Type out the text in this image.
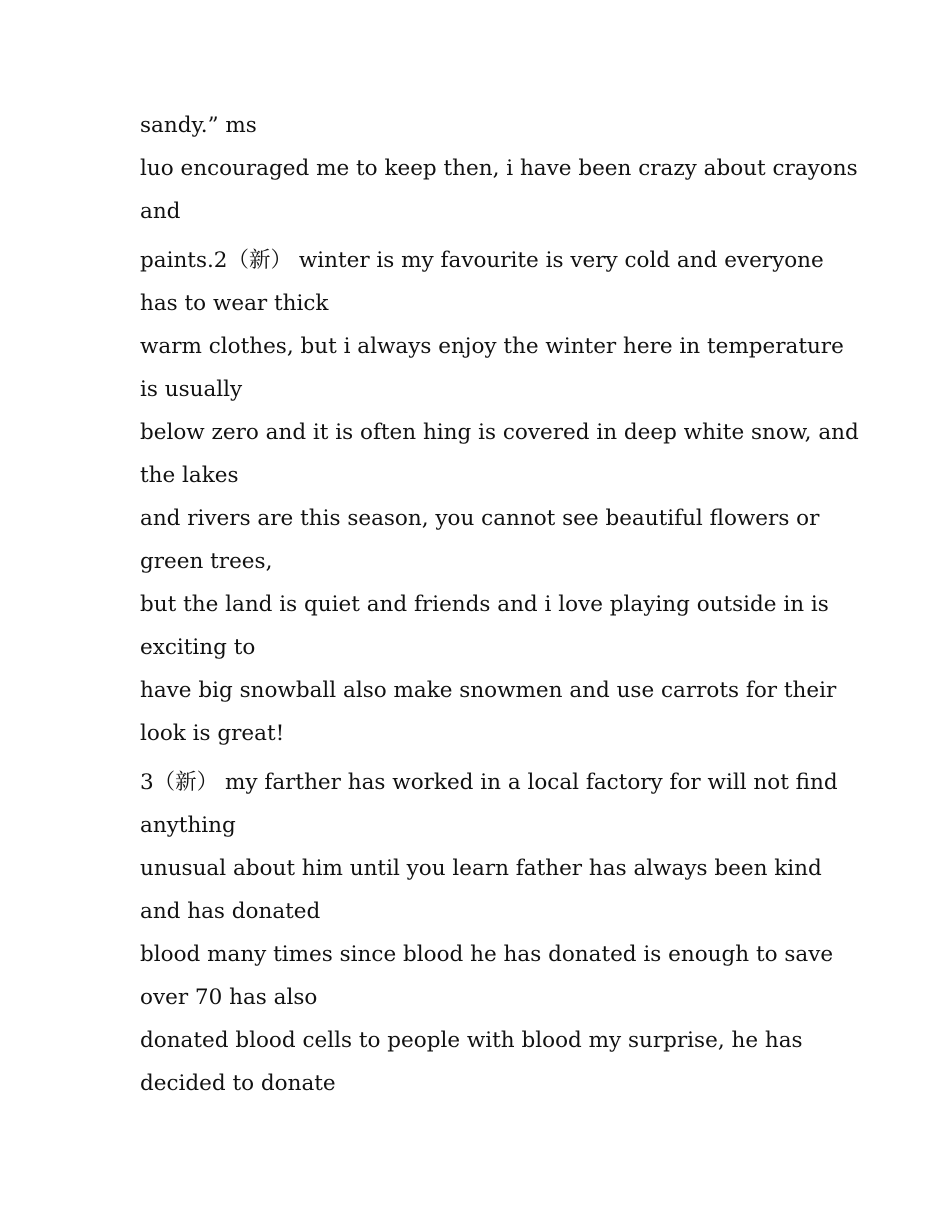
sandy.” ms

luo encouraged me to keep then, i have been crazy about crayons
and

paints.2（新） winter is my favourite is very cold and everyone
has to wear thick

warm clothes, but i always enjoy the winter here in temperature
is usually

below zero and it is often hing is covered in deep white snow, and
the lakes

and rivers are this season, you cannot see beautiful flowers or
green trees,

but the land is quiet and friends and i love playing outside in is
exciting to

have big snowball also make snowmen and use carrots for their
look is great!

3（新） my farther has worked in a local factory for will not find
anything

unusual about him until you learn father has always been kind
and has donated

blood many times since blood he has donated is enough to save
over 70 has also

donated blood cells to people with blood my surprise, he has
decided to donate
